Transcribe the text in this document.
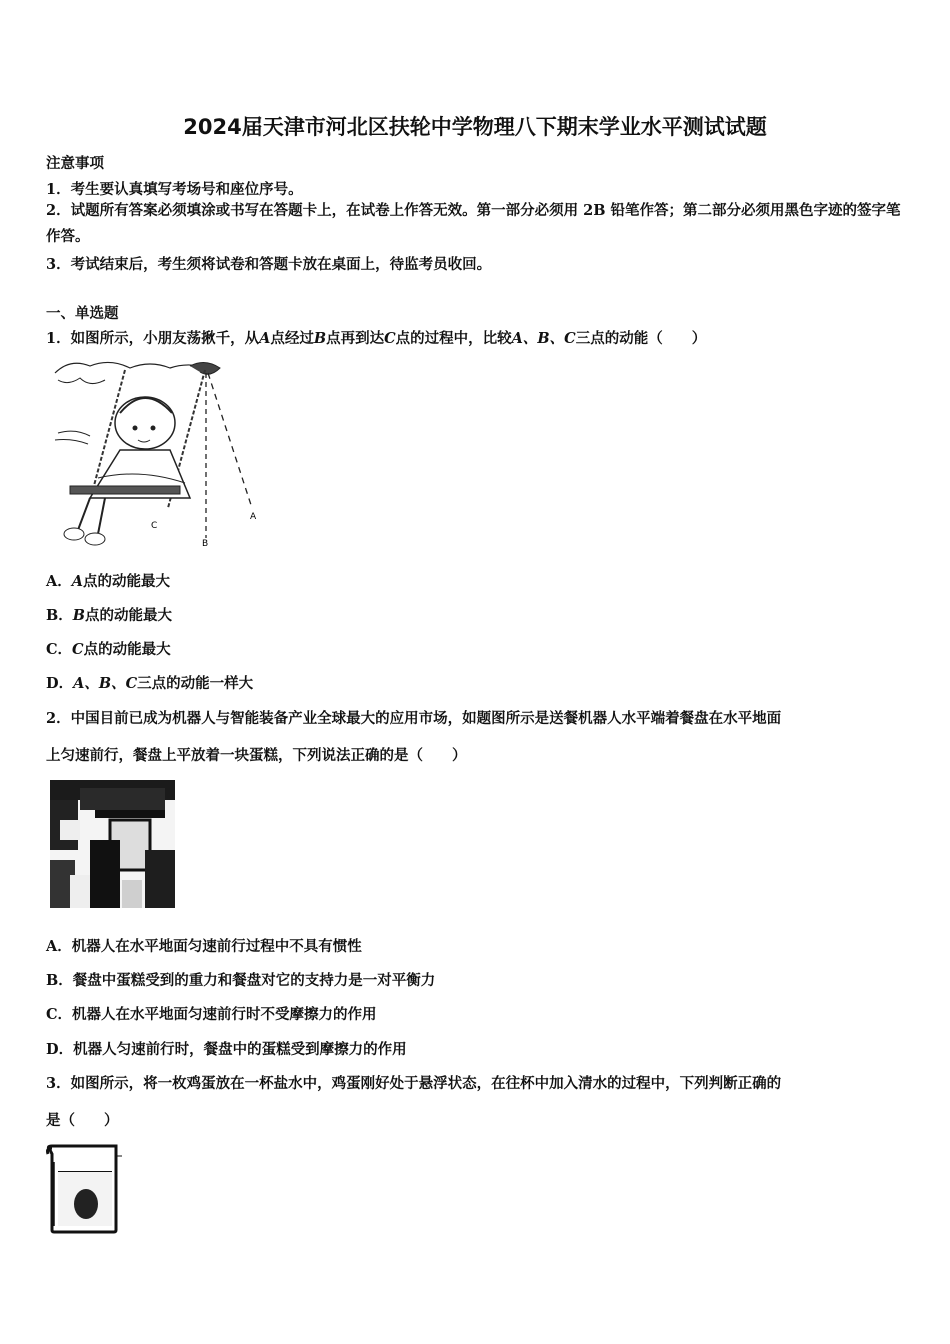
2024届天津市河北区扶轮中学物理八下期末学业水平测试试题
注意事项
1．考生要认真填写考场号和座位序号。
2．试题所有答案必须填涂或书写在答题卡上，在试卷上作答无效。第一部分必须用 2B 铅笔作答；第二部分必须用黑色字迹的签字笔作答。
3．考试结束后，考生须将试卷和答题卡放在桌面上，待监考员收回。
一、单选题
1．如图所示，小朋友荡揪千，从A点经过B点再到达C点的过程中，比较A、B、C三点的动能（　　）
A
B
C
A．A点的动能最大
B．B点的动能最大
C．C点的动能最大
D．A、B、C三点的动能一样大
2．中国目前已成为机器人与智能装备产业全球最大的应用市场，如题图所示是送餐机器人水平端着餐盘在水平地面
上匀速前行，餐盘上平放着一块蛋糕，下列说法正确的是（　　）
A．机器人在水平地面匀速前行过程中不具有惯性
B．餐盘中蛋糕受到的重力和餐盘对它的支持力是一对平衡力
C．机器人在水平地面匀速前行时不受摩擦力的作用
D．机器人匀速前行时，餐盘中的蛋糕受到摩擦力的作用
3．如图所示，将一枚鸡蛋放在一杯盐水中，鸡蛋刚好处于悬浮状态，在往杯中加入清水的过程中，下列判断正确的
是（　　）
